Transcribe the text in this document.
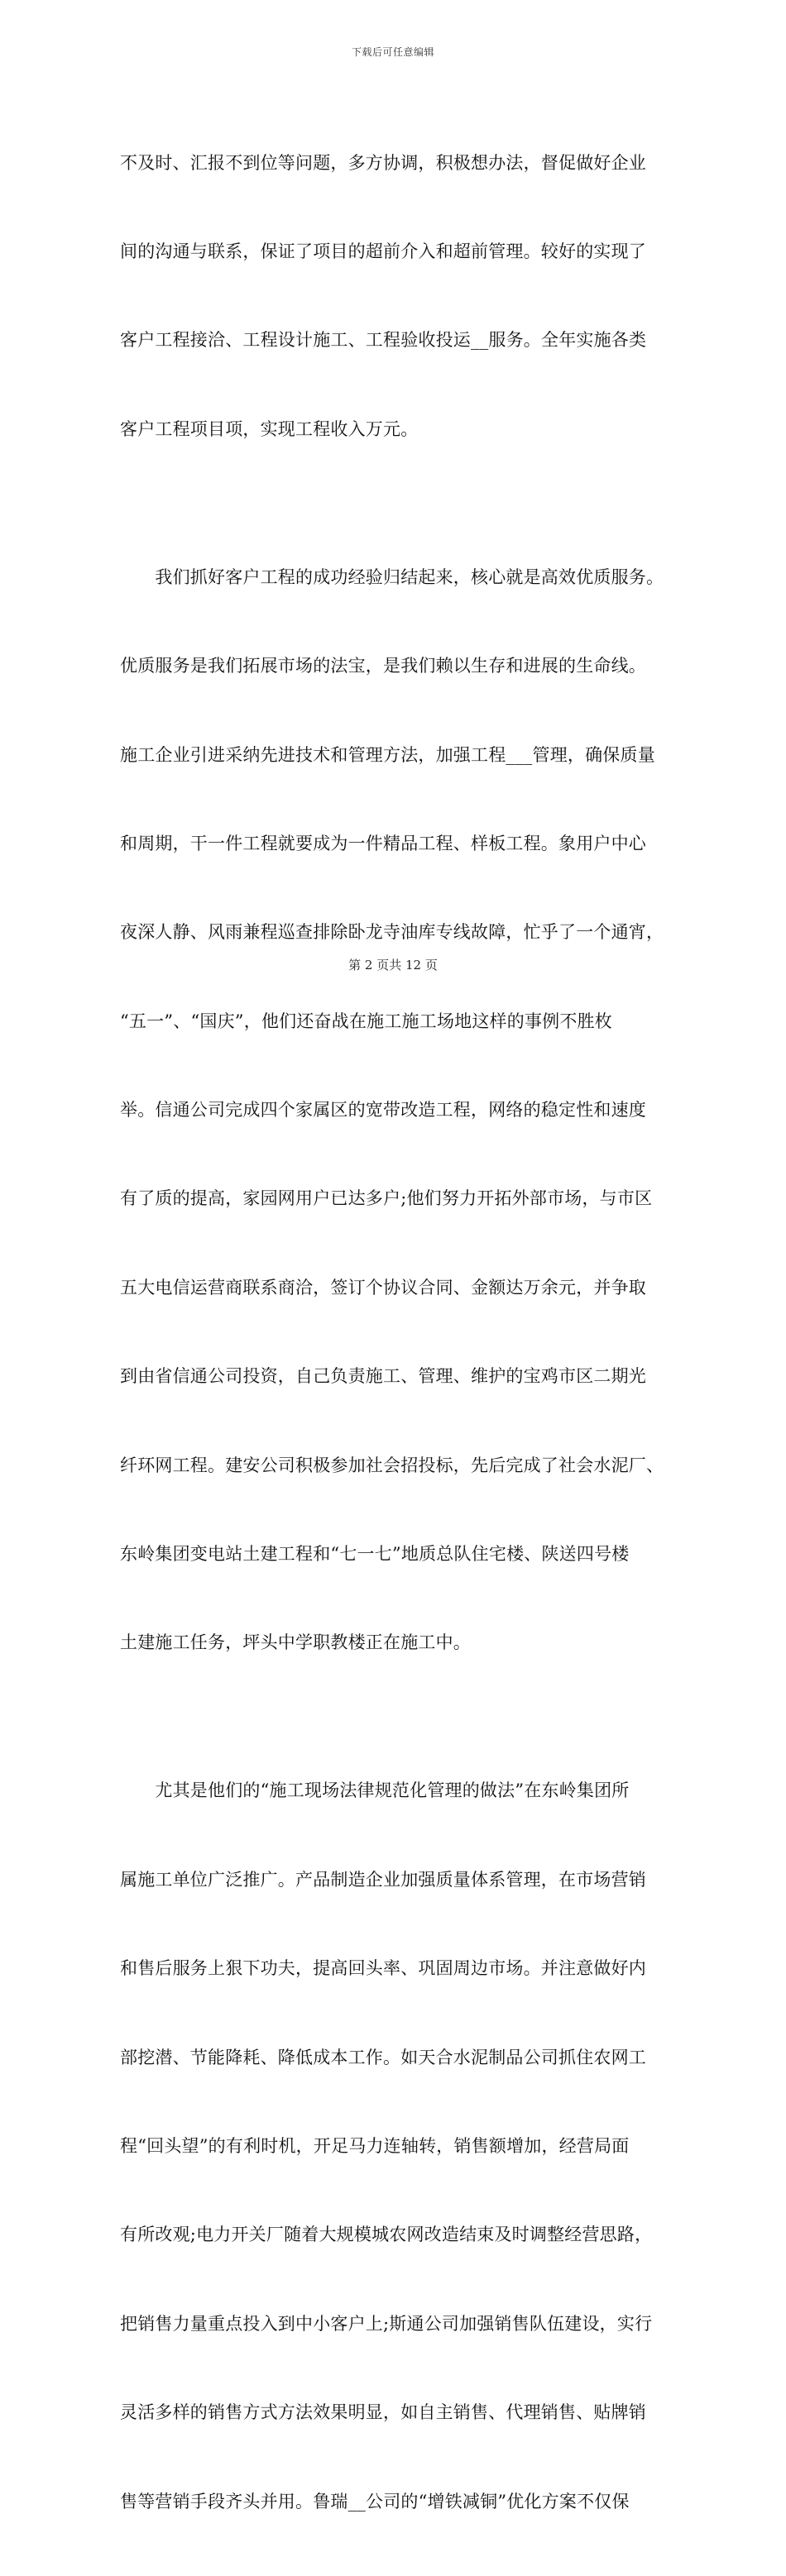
下载后可任意编辑

不及时、汇报不到位等问题，多方协调，积极想办法，督促做好企业

间的沟通与联系，保证了项目的超前介入和超前管理。较好的实现了

客户工程接洽、工程设计施工、工程验收投运__服务。全年实施各类

客户工程项目项，实现工程收入万元。

　　我们抓好客户工程的成功经验归结起来，核心就是高效优质服务。

优质服务是我们拓展市场的法宝，是我们赖以生存和进展的生命线。

施工企业引进采纳先进技术和管理方法，加强工程___管理，确保质量

和周期，干一件工程就要成为一件精品工程、样板工程。象用户中心

夜深人静、风雨兼程巡查排除卧龙寺油库专线故障，忙乎了一个通宵，

“五一”、“国庆”，他们还奋战在施工施工场地这样的事例不胜枚

举。信通公司完成四个家属区的宽带改造工程，网络的稳定性和速度

有了质的提高，家园网用户已达多户;他们努力开拓外部市场，与市区

五大电信运营商联系商洽，签订个协议合同、金额达万余元，并争取

到由省信通公司投资，自己负责施工、管理、维护的宝鸡市区二期光

纤环网工程。建安公司积极参加社会招投标，先后完成了社会水泥厂、

东岭集团变电站土建工程和“七一七”地质总队住宅楼、陕送四号楼

土建施工任务，坪头中学职教楼正在施工中。

　　尤其是他们的“施工现场法律规范化管理的做法”在东岭集团所

属施工单位广泛推广。产品制造企业加强质量体系管理，在市场营销

和售后服务上狠下功夫，提高回头率、巩固周边市场。并注意做好内

部挖潜、节能降耗、降低成本工作。如天合水泥制品公司抓住农网工

程“回头望”的有利时机，开足马力连轴转，销售额增加，经营局面

有所改观;电力开关厂随着大规模城农网改造结束及时调整经营思路，

把销售力量重点投入到中小客户上;斯通公司加强销售队伍建设，实行

灵活多样的销售方式方法效果明显，如自主销售、代理销售、贴牌销

售等营销手段齐头并用。鲁瑞__公司的“增铁减铜”优化方案不仅保

第 2 页共 12 页
